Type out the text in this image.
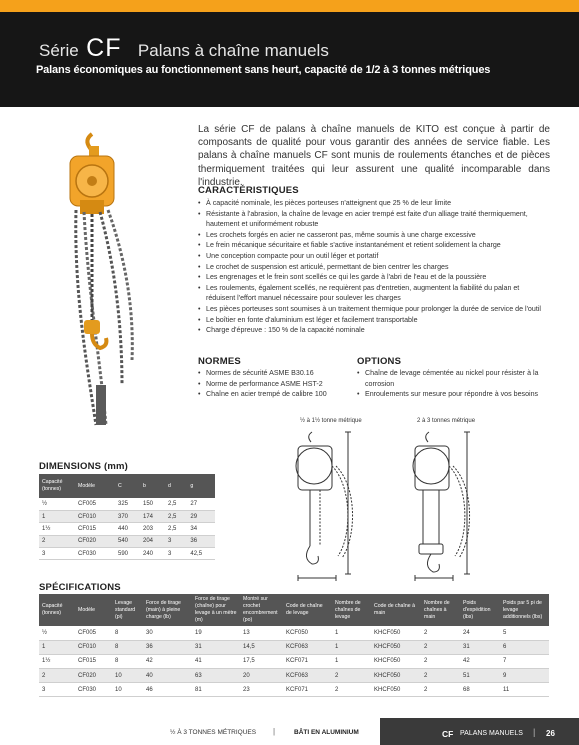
Série CF Palans à chaîne manuels
Palans économiques au fonctionnement sans heurt, capacité de 1/2 à 3 tonnes métriques
La série CF de palans à chaîne manuels de KITO est conçue à partir de composants de qualité pour vous garantir des années de service fiable. Les palans à chaîne manuels CF sont munis de roulements étanches et de pièces thermiquement traitées qui leur assurent une qualité incomparable dans l'industrie.
CARACTÉRISTIQUES
• À capacité nominale, les pièces porteuses n'atteignent que 25 % de leur limite
• Résistante à l'abrasion, la chaîne de levage en acier trempé est faite d'un alliage traité thermiquement,
hautement et uniformément robuste
• Les crochets forgés en acier ne casseront pas, même soumis à une charge excessive
• Le frein mécanique sécuritaire et fiable s'active instantanément et retient solidement la charge
• Une conception compacte pour un outil léger et portatif
• Le crochet de suspension est articulé, permettant de bien centrer les charges
• Les engrenages et le frein sont scellés ce qui les garde à l'abri de l'eau et de la poussière
• Les roulements, également scellés, ne requièrent pas d'entretien, augmentent la fiabilité du palan et
réduisent l'effort manuel nécessaire pour soulever les charges
• Les pièces porteuses sont soumises à un traitement thermique pour prolonger la durée de service de l'outil
• Le boîtier en fonte d'aluminium est léger et facilement transportable
• Charge d'épreuve : 150 % de la capacité nominale
NORMES
• Normes de sécurité ASME B30.16
• Norme de performance ASME HST-2
• Chaîne en acier trempé de calibre 100
OPTIONS
• Chaîne de levage cémentée au nickel pour résister à la
corrosion
• Enroulements sur mesure pour répondre à vos besoins
½ à 1½ tonne métrique	2 à 3 tonnes métrique
DIMENSIONS (mm)
Capacité (tonnes)	Modèle	C	b	d	g
½	CF005	325	150	2,5	27
1	CF010	370	174	2,5	29
1½	CF015	440	203	2,5	34
2	CF020	540	204	3	36
3	CF030	590	240	3	42,5
SPÉCIFICATIONS
Capacité (tonnes)	Modèle	Levage standard (pi)	Force de tirage (main) à pleine charge (lb)	Force de tirage (chaîne) pour levage à un mètre (m)	Montré sur crochet encombrement (po)	Code de chaîne de levage	Nombre de chaînes de levage	Code de chaîne à main	Nombre de chaînes à main	Poids d'expédition (lbs)	Poids par 5 pi de levage additionnels (lbs)
½	CF005	8	30	19	13	KCF050	1	KHCF050	2	24	5
1	CF010	8	36	31	14,5	KCF063	1	KHCF050	2	31	6
1½	CF015	8	42	41	17,5	KCF071	1	KHCF050	2	42	7
2	CF020	10	40	63	20	KCF063	2	KHCF050	2	51	9
3	CF030	10	46	81	23	KCF071	2	KHCF050	2	68	11
½ À 3 TONNES MÉTRIQUES |	BÂTI EN ALUMINIUM	CF PALANS MANUELS | 26
